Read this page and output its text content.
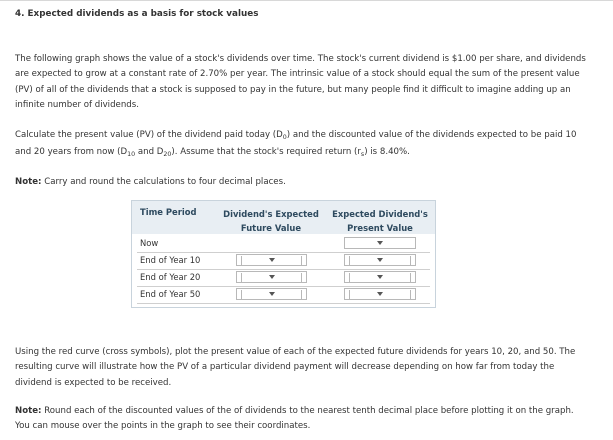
4. Expected dividends as a basis for stock values
The following graph shows the value of a stock's dividends over time. The stock's current dividend is $1.00 per share, and dividends are expected to grow at a constant rate of 2.70% per year. The intrinsic value of a stock should equal the sum of the present value (PV) of all of the dividends that a stock is supposed to pay in the future, but many people find it difficult to imagine adding up an infinite number of dividends.
Calculate the present value (PV) of the dividend paid today $(D_0)$ and the discounted value of the dividends expected to be paid 10 and 20 years from now ($D_{10}$ and $D_{20}$). Assume that the stock's required return $(r_s)$ is 8.40%.
Note: Carry and round the calculations to four decimal places.
Time Period	Dividend's Expected Future Value
Expected Dividend's Present Value
Now
End of Year 10
End of Year 20
End of Year 50
Using the red curve (cross symbols), plot the present value of each of the expected future dividends for years 10, 20, and 50. The resulting curve will illustrate how the PV of a particular dividend payment will decrease depending on how far from today the dividend is expected to be received.
Note: Round each of the discounted values of the of dividends to the nearest tenth decimal place before plotting it on the graph. You can mouse over the points in the graph to see their coordinates.
